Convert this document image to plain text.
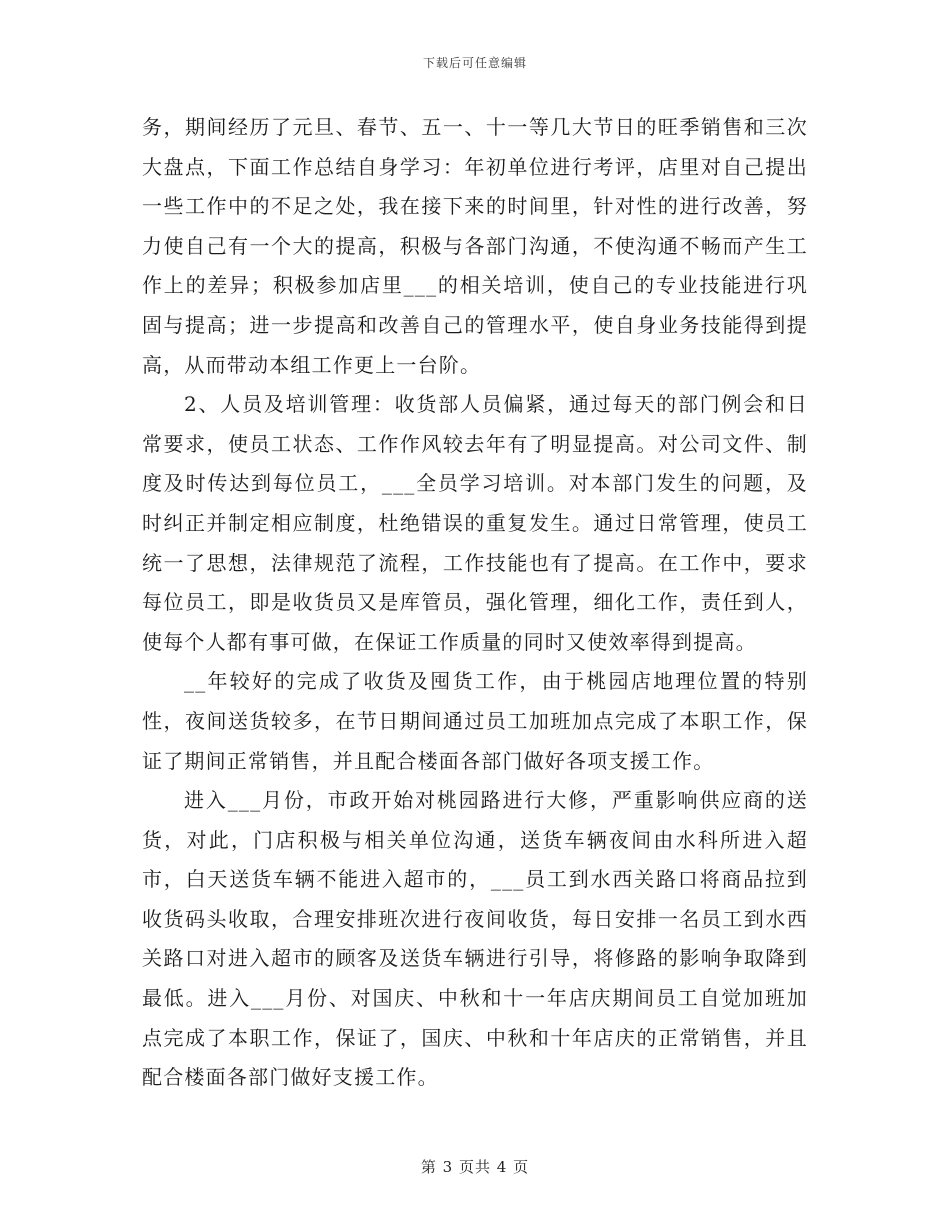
下载后可任意编辑

务，期间经历了元旦、春节、五一、十一等几大节日的旺季销售和三次大盘点，下面工作总结自身学习：年初单位进行考评，店里对自己提出一些工作中的不足之处，我在接下来的时间里，针对性的进行改善，努力使自己有一个大的提高，积极与各部门沟通，不使沟通不畅而产生工作上的差异；积极参加店里___的相关培训，使自己的专业技能进行巩固与提高；进一步提高和改善自己的管理水平，使自身业务技能得到提高，从而带动本组工作更上一台阶。

2、人员及培训管理：收货部人员偏紧，通过每天的部门例会和日常要求，使员工状态、工作作风较去年有了明显提高。对公司文件、制度及时传达到每位员工，___全员学习培训。对本部门发生的问题，及时纠正并制定相应制度，杜绝错误的重复发生。通过日常管理，使员工统一了思想，法律规范了流程，工作技能也有了提高。在工作中，要求每位员工，即是收货员又是库管员，强化管理，细化工作，责任到人，使每个人都有事可做，在保证工作质量的同时又使效率得到提高。

__年较好的完成了收货及囤货工作，由于桃园店地理位置的特别性，夜间送货较多，在节日期间通过员工加班加点完成了本职工作，保证了期间正常销售，并且配合楼面各部门做好各项支援工作。

进入___月份，市政开始对桃园路进行大修，严重影响供应商的送货，对此，门店积极与相关单位沟通，送货车辆夜间由水科所进入超市，白天送货车辆不能进入超市的，___员工到水西关路口将商品拉到收货码头收取，合理安排班次进行夜间收货，每日安排一名员工到水西关路口对进入超市的顾客及送货车辆进行引导，将修路的影响争取降到最低。进入___月份、对国庆、中秋和十一年店庆期间员工自觉加班加点完成了本职工作，保证了，国庆、中秋和十年店庆的正常销售，并且配合楼面各部门做好支援工作。

第 3 页共 4 页
